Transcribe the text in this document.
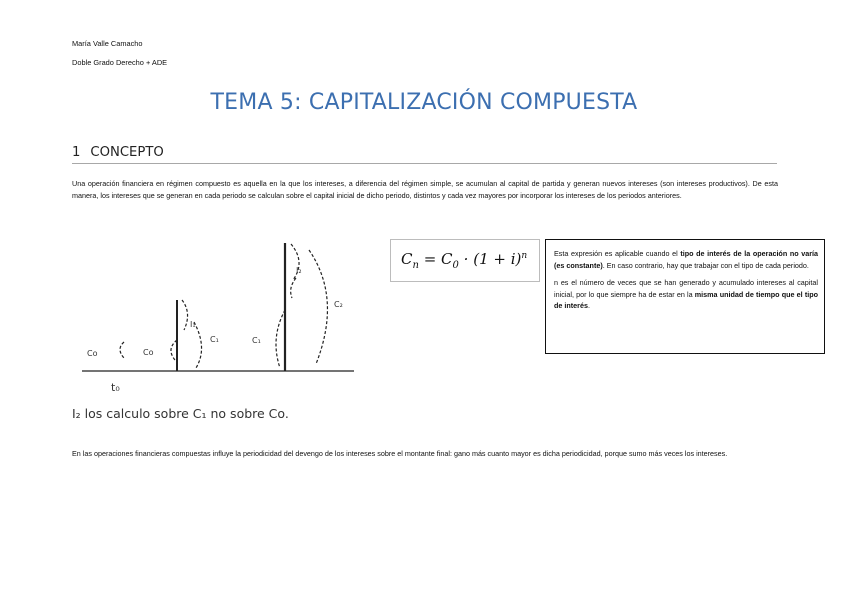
María Valle Camacho
Doble Grado Derecho + ADE
TEMA 5: CAPITALIZACIÓN COMPUESTA
1 CONCEPTO
Una operación financiera en régimen compuesto es aquella en la que los intereses, a diferencia del régimen simple, se acumulan al capital de partida y generan nuevos intereses (son intereses productivos). De esta manera, los intereses que se generan en cada periodo se calculan sobre el capital inicial de dicho periodo, distintos y cada vez mayores por incorporar los intereses de los periodos anteriores.
Co	Co
I₁
C₁	C₁
I₂
C₂
t₀
$C_n = C_0 \cdot (1 + i)^n$	Esta expresión es aplicable cuando el tipo de interés de la operación no varía (es constante). En caso contrario, hay que trabajar con el tipo de cada periodo.

n es el número de veces que se han generado y acumulado intereses al capital inicial, por lo que siempre ha de estar en la misma unidad de tiempo que el tipo de interés.

I₂ los calculo sobre C₁ no sobre Co.
En las operaciones financieras compuestas influye la periodicidad del devengo de los intereses sobre el montante final: gano más cuanto mayor es dicha periodicidad, porque sumo más veces los intereses.
